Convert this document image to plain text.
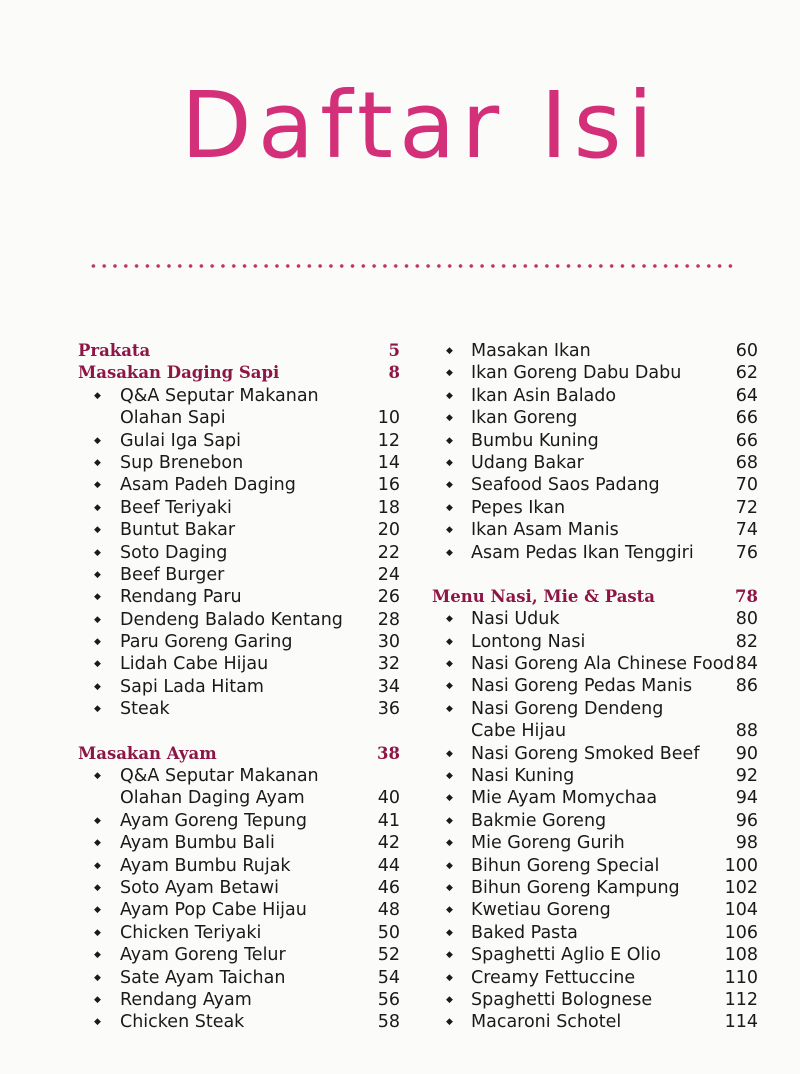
Daftar Isi
Prakata	5
Masakan Daging Sapi	8
◆ Q&A Seputar Makanan
Olahan Sapi	10
◆ Gulai Iga Sapi	12
◆ Sup Brenebon	14
◆ Asam Padeh Daging	16
◆ Beef Teriyaki	18
◆ Buntut Bakar	20
◆ Soto Daging	22
◆ Beef Burger	24
◆ Rendang Paru	26
◆ Dendeng Balado Kentang 28
◆ Paru Goreng Garing	30
◆ Lidah Cabe Hijau	32
◆ Sapi Lada Hitam	34
◆ Steak	36
Masakan Ayam	38
◆ Q&A Seputar Makanan
Olahan Daging Ayam	40
◆ Ayam Goreng Tepung	41
◆ Ayam Bumbu Bali	42
◆ Ayam Bumbu Rujak	44
◆ Soto Ayam Betawi	46
◆ Ayam Pop Cabe Hijau	48
◆ Chicken Teriyaki	50
◆ Ayam Goreng Telur	52
◆ Sate Ayam Taichan	54
◆ Rendang Ayam	56
◆ Chicken Steak	58
◆ Masakan Ikan	60
◆ Ikan Goreng Dabu Dabu	62
◆ Ikan Asin Balado	64
◆ Ikan Goreng	66
◆ Bumbu Kuning	66
◆ Udang Bakar	68
◆ Seafood Saos Padang	70
◆ Pepes Ikan	72
◆ Ikan Asam Manis	74
◆ Asam Pedas Ikan Tenggiri 76
Menu Nasi, Mie & Pasta	78
◆ Nasi Uduk	80
◆ Lontong Nasi	82
◆ Nasi Goreng Ala Chinese Food 84
◆ Nasi Goreng Pedas Manis 86
◆ Nasi Goreng Dendeng
Cabe Hijau	88
◆ Nasi Goreng Smoked Beef 90
◆ Nasi Kuning	92
◆ Mie Ayam Momychaa	94
◆ Bakmie Goreng	96
◆ Mie Goreng Gurih	98
◆ Bihun Goreng Special	100
◆ Bihun Goreng Kampung	102
◆ Kwetiau Goreng	104
◆ Baked Pasta	106
◆ Spaghetti Aglio E Olio	108
◆ Creamy Fettuccine	110
◆ Spaghetti Bolognese	112
◆ Macaroni Schotel	114
